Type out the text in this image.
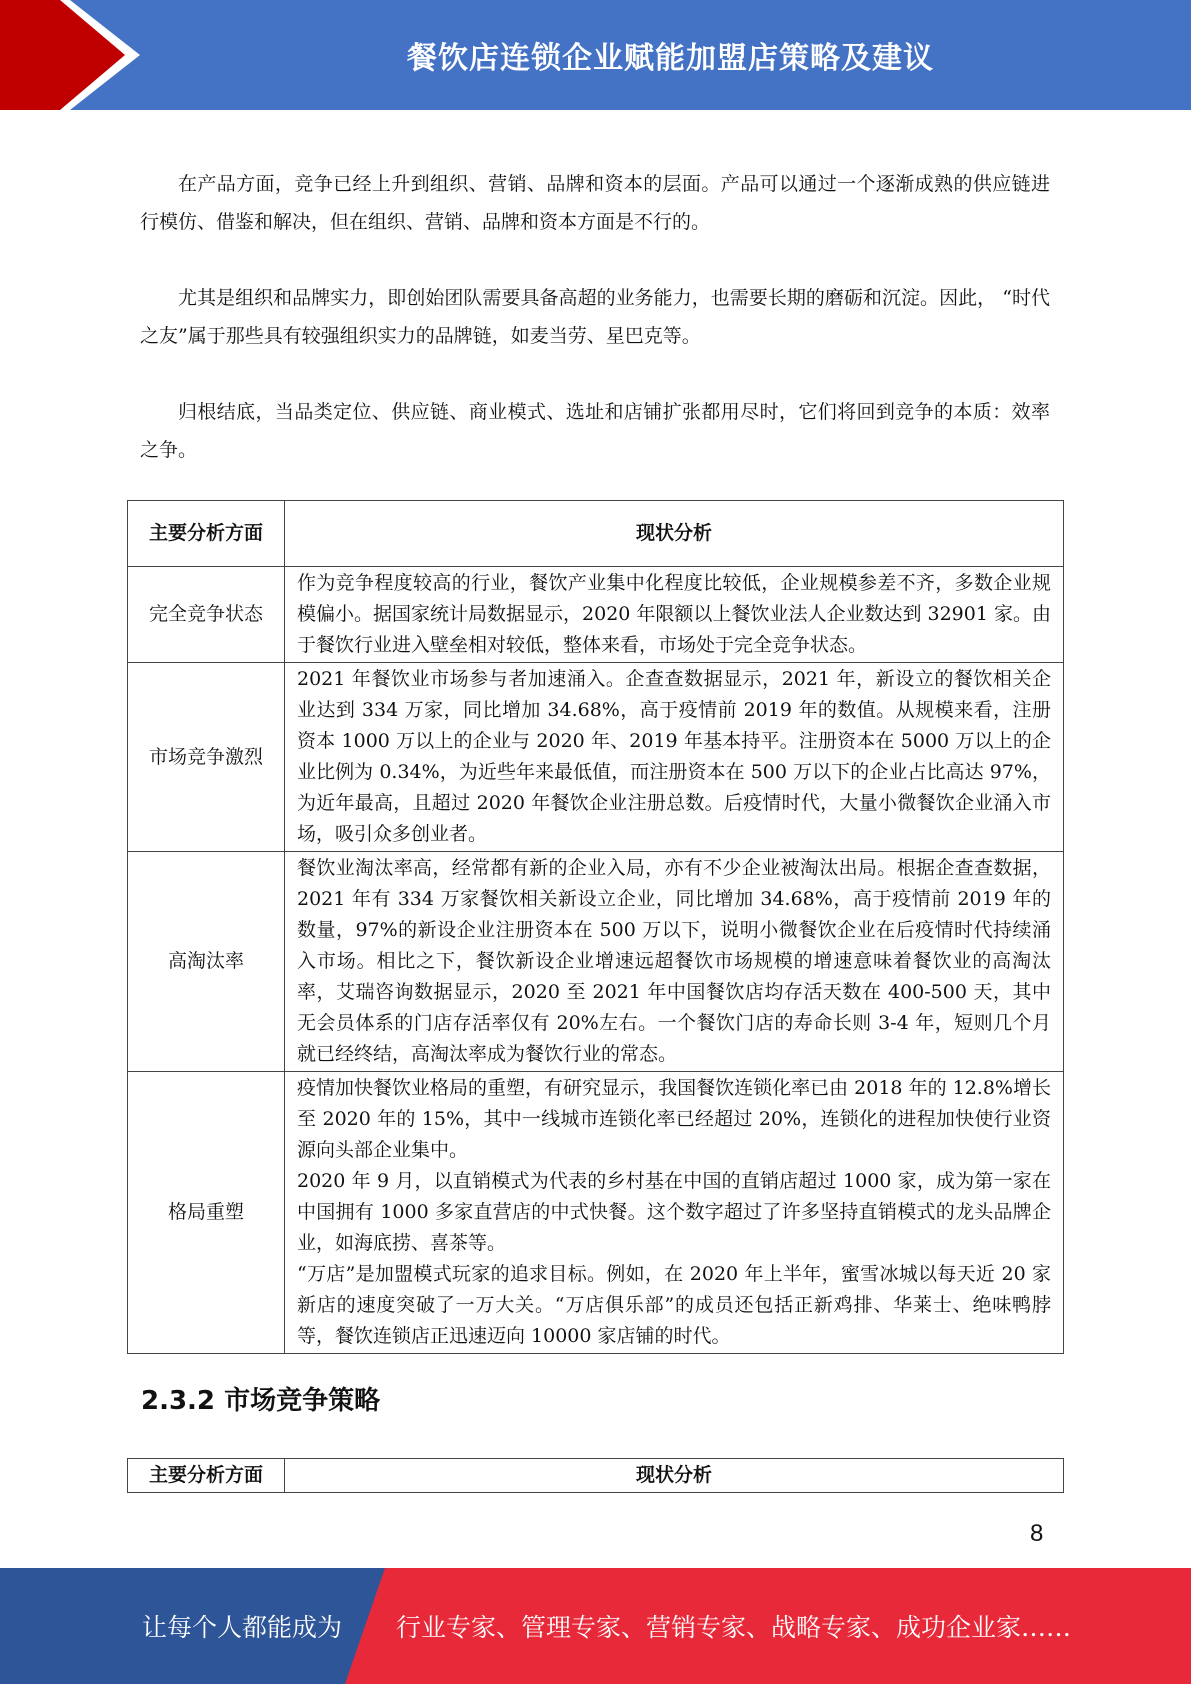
餐饮店连锁企业赋能加盟店策略及建议

在产品方面，竞争已经上升到组织、营销、品牌和资本的层面。产品可以通过一个逐渐成熟的供应链进行模仿、借鉴和解决，但在组织、营销、品牌和资本方面是不行的。

尤其是组织和品牌实力，即创始团队需要具备高超的业务能力，也需要长期的磨砺和沉淀。因此， “时代之友”属于那些具有较强组织实力的品牌链，如麦当劳、星巴克等。

归根结底，当品类定位、供应链、商业模式、选址和店铺扩张都用尽时，它们将回到竞争的本质：效率之争。

主要分析方面	现状分析
完全竞争状态	作为竞争程度较高的行业，餐饮产业集中化程度比较低，企业规模参差不齐，多数企业规模偏小。据国家统计局数据显示，2020 年限额以上餐饮业法人企业数达到 32901 家。由于餐饮行业进入壁垒相对较低，整体来看，市场处于完全竞争状态。

市场竞争激烈	2021 年餐饮业市场参与者加速涌入。企查查数据显示，2021 年，新设立的餐饮相关企业达到 334 万家，同比增加 34.68%，高于疫情前 2019 年的数值。从规模来看，注册资本 1000 万以上的企业与 2020 年、2019 年基本持平。注册资本在 5000 万以上的企业比例为 0.34%，为近些年来最低值，而注册资本在 500 万以下的企业占比高达 97%，为近年最高，且超过 2020 年餐饮企业注册总数。后疫情时代，大量小微餐饮企业涌入市场，吸引众多创业者。

高淘汰率	餐饮业淘汰率高，经常都有新的企业入局，亦有不少企业被淘汰出局。根据企查查数据，2021 年有 334 万家餐饮相关新设立企业，同比增加 34.68%，高于疫情前 2019 年的数量，97%的新设企业注册资本在 500 万以下，说明小微餐饮企业在后疫情时代持续涌入市场。相比之下，餐饮新设企业增速远超餐饮市场规模的增速意味着餐饮业的高淘汰率，艾瑞咨询数据显示，2020 至 2021 年中国餐饮店均存活天数在 400-500 天，其中无会员体系的门店存活率仅有 20%左右。一个餐饮门店的寿命长则 3-4 年，短则几个月就已经终结，高淘汰率成为餐饮行业的常态。

格局重塑	疫情加快餐饮业格局的重塑，有研究显示，我国餐饮连锁化率已由 2018 年的 12.8%增长至 2020 年的 15%，其中一线城市连锁化率已经超过 20%，连锁化的进程加快使行业资源向头部企业集中。

2020 年 9 月，以直销模式为代表的乡村基在中国的直销店超过 1000 家，成为第一家在中国拥有 1000 多家直营店的中式快餐。这个数字超过了许多坚持直销模式的龙头品牌企业，如海底捞、喜茶等。

“万店”是加盟模式玩家的追求目标。例如，在 2020 年上半年，蜜雪冰城以每天近 20 家新店的速度突破了一万大关。“万店俱乐部”的成员还包括正新鸡排、华莱士、绝味鸭脖等，餐饮连锁店正迅速迈向 10000 家店铺的时代。

2.3.2 市场竞争策略
主要分析方面	现状分析
8
让每个人都能成为 行业专家、管理专家、营销专家、战略专家、成功企业家……
